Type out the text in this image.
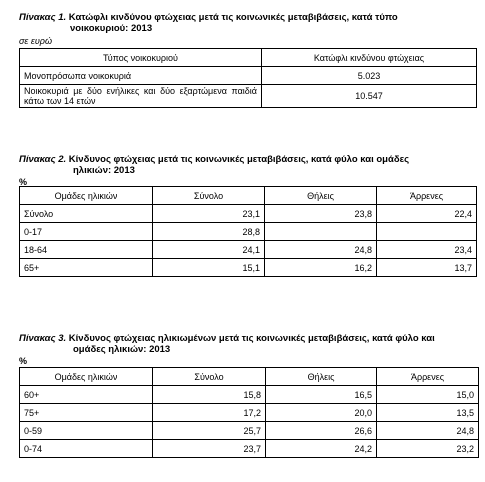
Πίνακας 1. Κατώφλι κινδύνου φτώχειας μετά τις κοινωνικές μεταβιβάσεις, κατά τύπο
νοικοκυριού: 2013
σε ευρώ
Τύπος νοικοκυριού	Κατώφλι κινδύνου φτώχειας
Μονοπρόσωπα νοικοκυριά	5.023
Νοικοκυριά με δύο ενήλικες και δύο εξαρτώμενα παιδιά κάτω των 14 ετών	10.547
Πίνακας 2. Κίνδυνος φτώχειας μετά τις κοινωνικές μεταβιβάσεις, κατά φύλο και ομάδες
ηλικιών: 2013
%
Ομάδες ηλικιών	Σύνολο	Θήλεις	Άρρενες
Σύνολο	23,1	23,8	22,4
0-17	28,8		
18-64	24,1	24,8	23,4
65+	15,1	16,2	13,7
Πίνακας 3. Κίνδυνος φτώχειας ηλικιωμένων μετά τις κοινωνικές μεταβιβάσεις, κατά φύλο και
ομάδες ηλικιών: 2013
%
Ομάδες ηλικιών	Σύνολο	Θήλεις	Άρρενες
60+	15,8	16,5	15,0
75+	17,2	20,0	13,5
0-59	25,7	26,6	24,8
0-74	23,7	24,2	23,2
